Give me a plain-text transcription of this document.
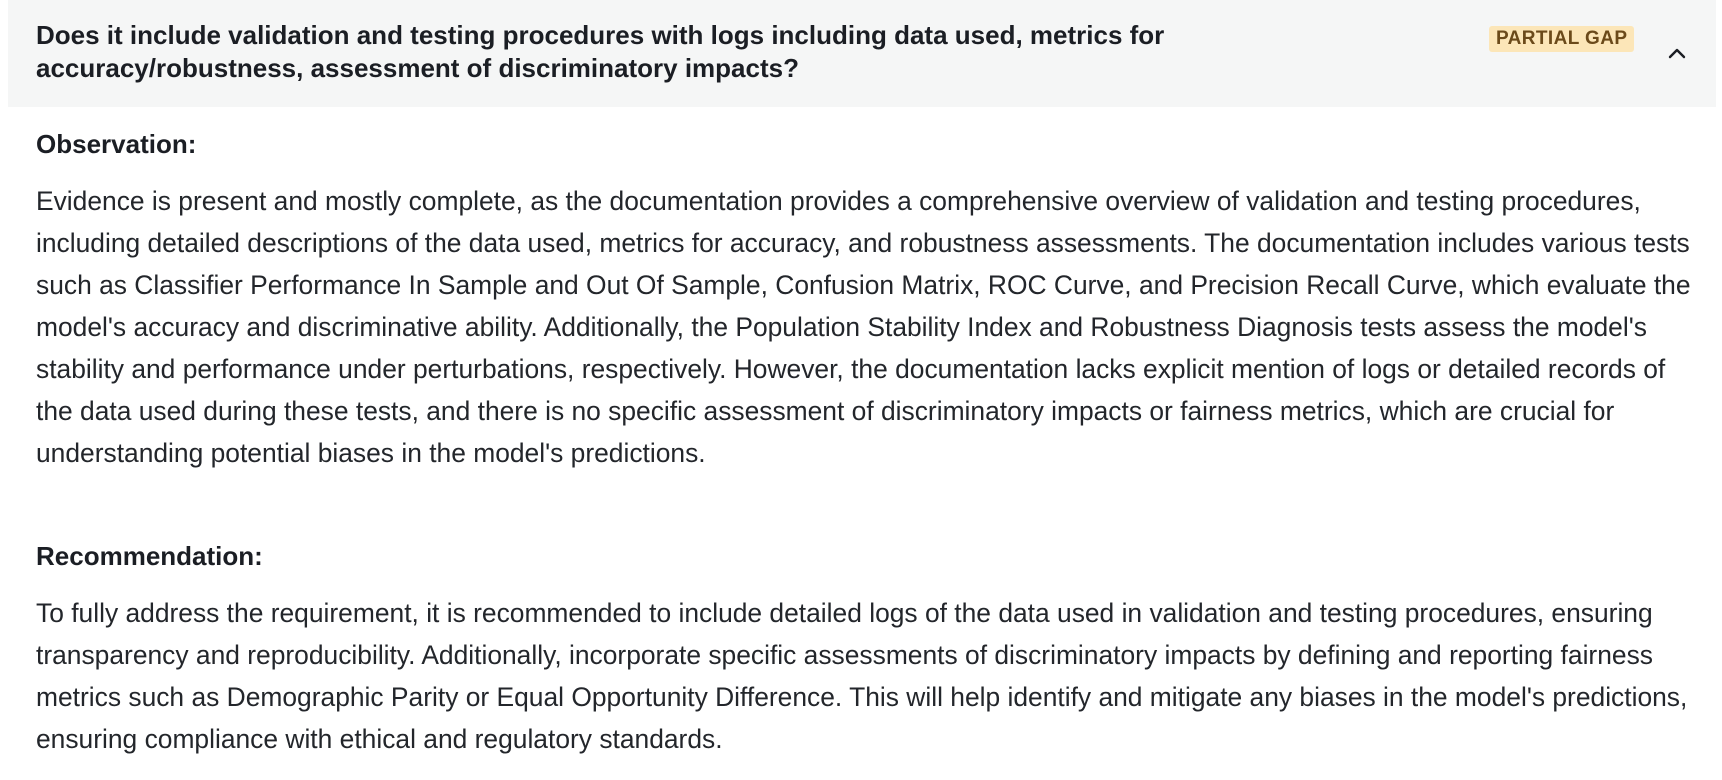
Does it include validation and testing procedures with logs including data used, metrics for accuracy/robustness, assessment of discriminatory impacts?
PARTIAL GAP
Observation:

Evidence is present and mostly complete, as the documentation provides a comprehensive overview of validation and testing procedures, including detailed descriptions of the data used, metrics for accuracy, and robustness assessments. The documentation includes various tests such as Classifier Performance In Sample and Out Of Sample, Confusion Matrix, ROC Curve, and Precision Recall Curve, which evaluate the model's accuracy and discriminative ability. Additionally, the Population Stability Index and Robustness Diagnosis tests assess the model's stability and performance under perturbations, respectively. However, the documentation lacks explicit mention of logs or detailed records of the data used during these tests, and there is no specific assessment of discriminatory impacts or fairness metrics, which are crucial for understanding potential biases in the model's predictions.

Recommendation:

To fully address the requirement, it is recommended to include detailed logs of the data used in validation and testing procedures, ensuring transparency and reproducibility. Additionally, incorporate specific assessments of discriminatory impacts by defining and reporting fairness metrics such as Demographic Parity or Equal Opportunity Difference. This will help identify and mitigate any biases in the model's predictions, ensuring compliance with ethical and regulatory standards.
